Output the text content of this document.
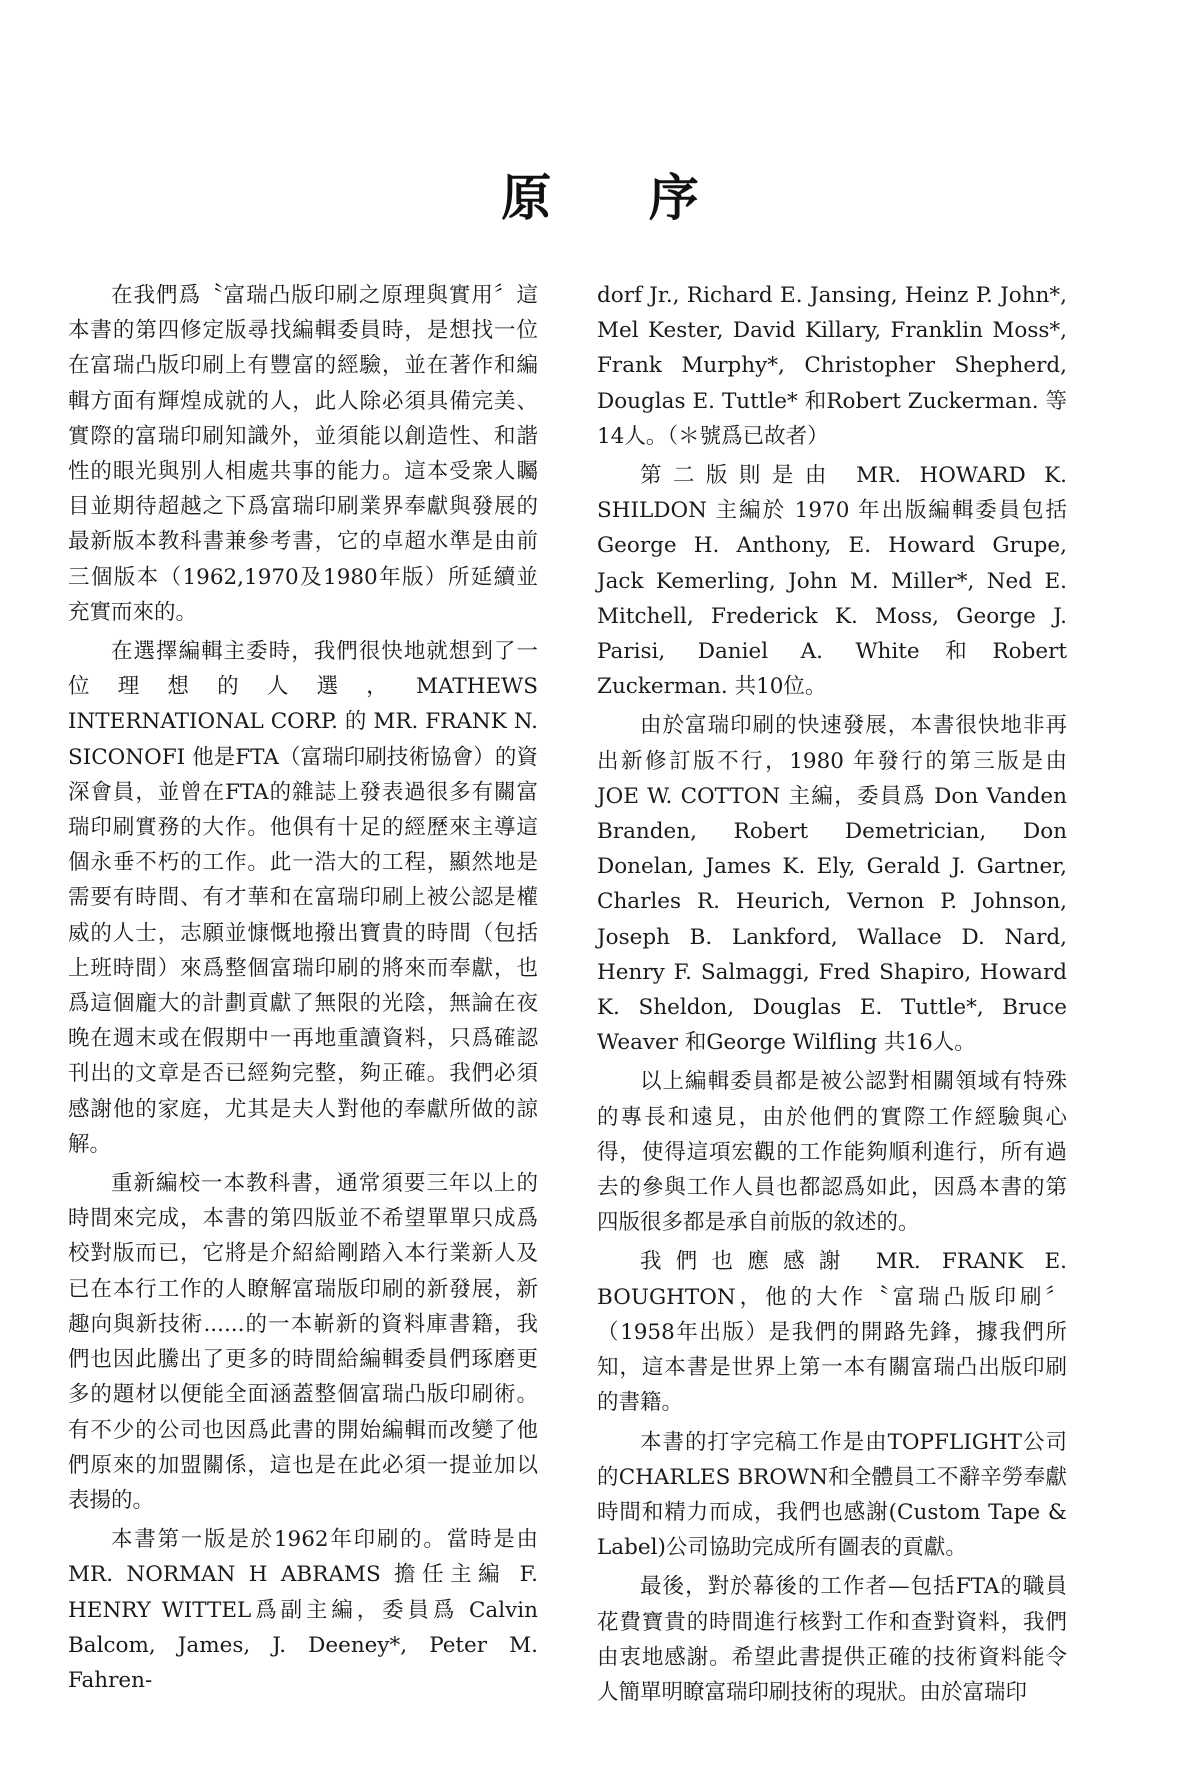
原 序

在我們爲〝富瑞凸版印刷之原理與實用〞這本書的第四修定版尋找編輯委員時，是想找一位在富瑞凸版印刷上有豐富的經驗，並在著作和編輯方面有輝煌成就的人，此人除必須具備完美、實際的富瑞印刷知識外，並須能以創造性、和諧性的眼光與別人相處共事的能力。這本受衆人矚目並期待超越之下爲富瑞印刷業界奉獻與發展的最新版本教科書兼參考書，它的卓超水準是由前三個版本（1962,1970及1980年版）所延續並充實而來的。

在選擇編輯主委時，我們很快地就想到了一位理想的人選，MATHEWS INTERNATIONAL CORP. 的 MR. FRANK N. SICONOFI 他是FTA（富瑞印刷技術協會）的資深會員，並曾在FTA的雜誌上發表過很多有關富瑞印刷實務的大作。他俱有十足的經歷來主導這個永垂不朽的工作。此一浩大的工程，顯然地是需要有時間、有才華和在富瑞印刷上被公認是權威的人士，志願並慷慨地撥出寶貴的時間（包括上班時間）來爲整個富瑞印刷的將來而奉獻，也爲這個龐大的計劃貢獻了無限的光陰，無論在夜晚在週末或在假期中一再地重讀資料，只爲確認刊出的文章是否已經夠完整，夠正確。我們必須感謝他的家庭，尤其是夫人對他的奉獻所做的諒解。

重新編校一本教科書，通常須要三年以上的時間來完成，本書的第四版並不希望單單只成爲校對版而已，它將是介紹給剛踏入本行業新人及已在本行工作的人瞭解富瑞版印刷的新發展，新趣向與新技術......的一本嶄新的資料庫書籍，我們也因此騰出了更多的時間給編輯委員們琢磨更多的題材以便能全面涵蓋整個富瑞凸版印刷術。有不少的公司也因爲此書的開始編輯而改變了他們原來的加盟關係，這也是在此必須一提並加以表揚的。

本書第一版是於1962年印刷的。當時是由MR. NORMAN H ABRAMS 擔任主編 F. HENRY WITTEL爲副主編，委員爲 Calvin Balcom, James, J. Deeney*, Peter M. Fahren-

dorf Jr., Richard E. Jansing, Heinz P. John*, Mel Kester, David Killary, Franklin Moss*, Frank Murphy*, Christopher Shepherd, Douglas E. Tuttle* 和Robert Zuckerman. 等14人。（＊號爲已故者）

第二版則是由 MR. HOWARD K. SHILDON 主編於 1970 年出版編輯委員包括 George H. Anthony, E. Howard Grupe, Jack Kemerling, John M. Miller*, Ned E. Mitchell, Frederick K. Moss, George J. Parisi, Daniel A. White和Robert Zuckerman. 共10位。

由於富瑞印刷的快速發展，本書很快地非再出新修訂版不行，1980 年發行的第三版是由 JOE W. COTTON 主編，委員爲 Don Vanden Branden, Robert Demetrician, Don Donelan, James K. Ely, Gerald J. Gartner, Charles R. Heurich, Vernon P. Johnson, Joseph B. Lankford, Wallace D. Nard, Henry F. Salmaggi, Fred Shapiro, Howard K. Sheldon, Douglas E. Tuttle*, Bruce Weaver 和George Wilfling 共16人。

以上編輯委員都是被公認對相關領域有特殊的專長和遠見，由於他們的實際工作經驗與心得，使得這項宏觀的工作能夠順利進行，所有過去的參與工作人員也都認爲如此，因爲本書的第四版很多都是承自前版的敘述的。

我們也應感謝 MR. FRANK E. BOUGHTON，他的大作〝富瑞凸版印刷〞（1958年出版）是我們的開路先鋒，據我們所知，這本書是世界上第一本有關富瑞凸出版印刷的書籍。

本書的打字完稿工作是由TOPFLIGHT公司的CHARLES BROWN和全體員工不辭辛勞奉獻時間和精力而成，我們也感謝(Custom Tape & Label)公司協助完成所有圖表的貢獻。

最後，對於幕後的工作者—包括FTA的職員花費寶貴的時間進行核對工作和查對資料，我們由衷地感謝。希望此書提供正確的技術資料能令人簡單明瞭富瑞印刷技術的現狀。由於富瑞印
